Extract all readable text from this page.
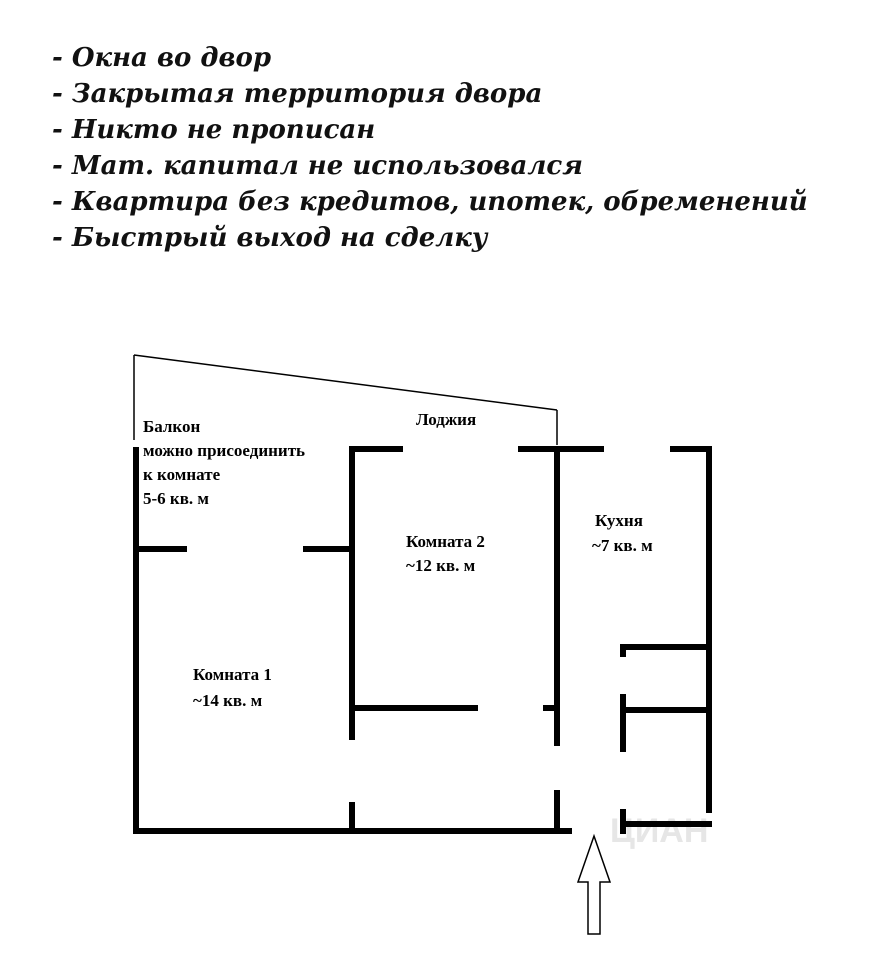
- Окна во двор
- Закрытая территория двора
- Никто не прописан
- Мат. капитал не использовался
- Квартира без кредитов, ипотек, обременений
- Быстрый выход на сделку
ЦИАН
Балкон
можно присоединить
к комнате
5-6 кв. м
Лоджия
Комната 2
~12 кв. м
Кухня
~7 кв. м
Комната 1
~14 кв. м
